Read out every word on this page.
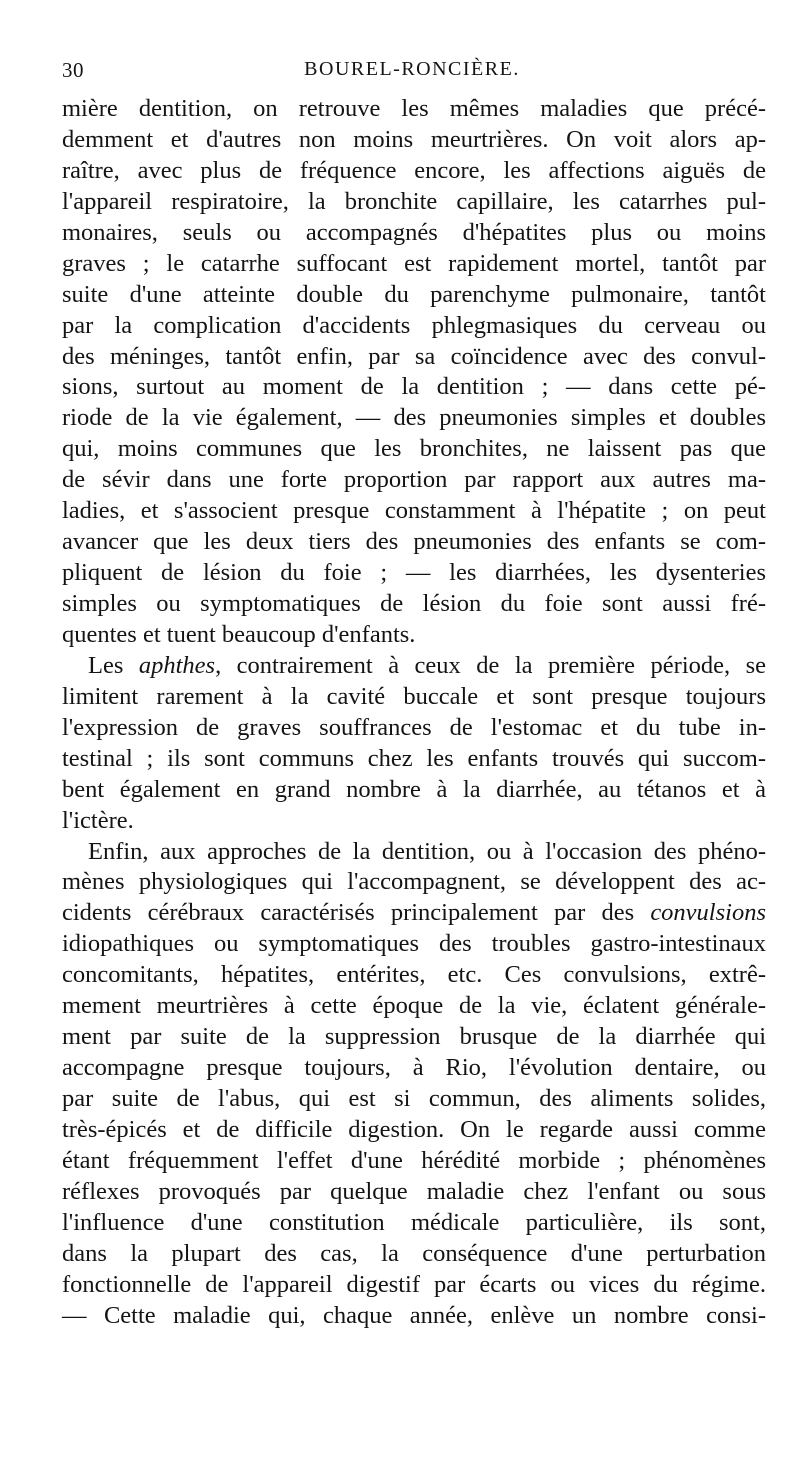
30	BOUREL-RONCIÈRE.
mière dentition, on retrouve les mêmes maladies que précé-
demment et d'autres non moins meurtrières. On voit alors ap-
raître, avec plus de fréquence encore, les affections aiguës de
l'appareil respiratoire, la bronchite capillaire, les catarrhes pul-
monaires, seuls ou accompagnés d'hépatites plus ou moins
graves ; le catarrhe suffocant est rapidement mortel, tantôt par
suite d'une atteinte double du parenchyme pulmonaire, tantôt
par la complication d'accidents phlegmasiques du cerveau ou
des méninges, tantôt enfin, par sa coïncidence avec des convul-
sions, surtout au moment de la dentition ; — dans cette pé-
riode de la vie également, — des pneumonies simples et doubles
qui, moins communes que les bronchites, ne laissent pas que
de sévir dans une forte proportion par rapport aux autres ma-
ladies, et s'associent presque constamment à l'hépatite ; on peut
avancer que les deux tiers des pneumonies des enfants se com-
pliquent de lésion du foie ; — les diarrhées, les dysenteries
simples ou symptomatiques de lésion du foie sont aussi fré-
quentes et tuent beaucoup d'enfants.
Les aphthes, contrairement à ceux de la première période, se
limitent rarement à la cavité buccale et sont presque toujours
l'expression de graves souffrances de l'estomac et du tube in-
testinal ; ils sont communs chez les enfants trouvés qui succom-
bent également en grand nombre à la diarrhée, au tétanos et à
l'ictère.
Enfin, aux approches de la dentition, ou à l'occasion des phéno-
mènes physiologiques qui l'accompagnent, se développent des ac-
cidents cérébraux caractérisés principalement par des convulsions
idiopathiques ou symptomatiques des troubles gastro-intestinaux
concomitants, hépatites, entérites, etc. Ces convulsions, extrê-
mement meurtrières à cette époque de la vie, éclatent générale-
ment par suite de la suppression brusque de la diarrhée qui
accompagne presque toujours, à Rio, l'évolution dentaire, ou
par suite de l'abus, qui est si commun, des aliments solides,
très-épicés et de difficile digestion. On le regarde aussi comme
étant fréquemment l'effet d'une hérédité morbide ; phénomènes
réflexes provoqués par quelque maladie chez l'enfant ou sous
l'influence d'une constitution médicale particulière, ils sont,
dans la plupart des cas, la conséquence d'une perturbation
fonctionnelle de l'appareil digestif par écarts ou vices du régime.
— Cette maladie qui, chaque année, enlève un nombre consi-
